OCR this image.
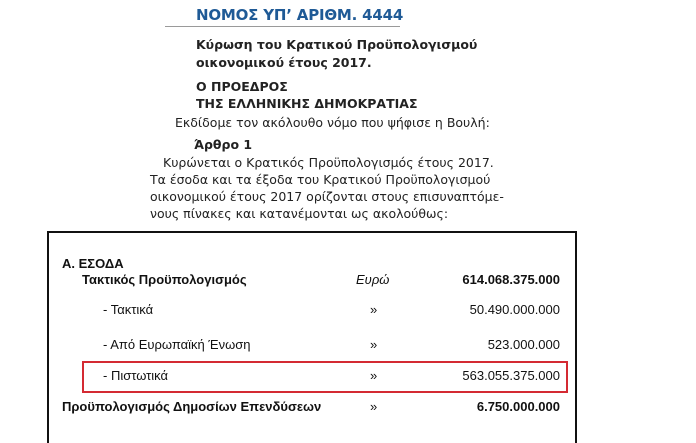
ΝΟΜΟΣ ΥΠ’ ΑΡΙΘΜ. 4444
Κύρωση του Κρατικού Προϋπολογισμού
οικονομικού έτους 2017.
Ο ΠΡΟΕΔΡΟΣ
ΤΗΣ ΕΛΛΗΝΙΚΗΣ ΔΗΜΟΚΡΑΤΙΑΣ
Εκδίδομε τον ακόλουθο νόμο που ψήφισε η Βουλή:
Άρθρο 1
Κυρώνεται ο Κρατικός Προϋπολογισμός έτους 2017.
Τα έσοδα και τα έξοδα του Κρατικού Προϋπολογισμού
οικονομικού έτους 2017 ορίζονται στους επισυναπτόμε-
νους πίνακες και κατανέμονται ως ακολούθως:
Α. ΕΣΟΔΑ
Τακτικός Προϋπολογισμός	Ευρώ	614.068.375.000
- Τακτικά	»	50.490.000.000
- Από Ευρωπαϊκή Ένωση	»	523.000.000
- Πιστωτικά	»	563.055.375.000
Προϋπολογισμός Δημοσίων Επενδύσεων	»	6.750.000.000
